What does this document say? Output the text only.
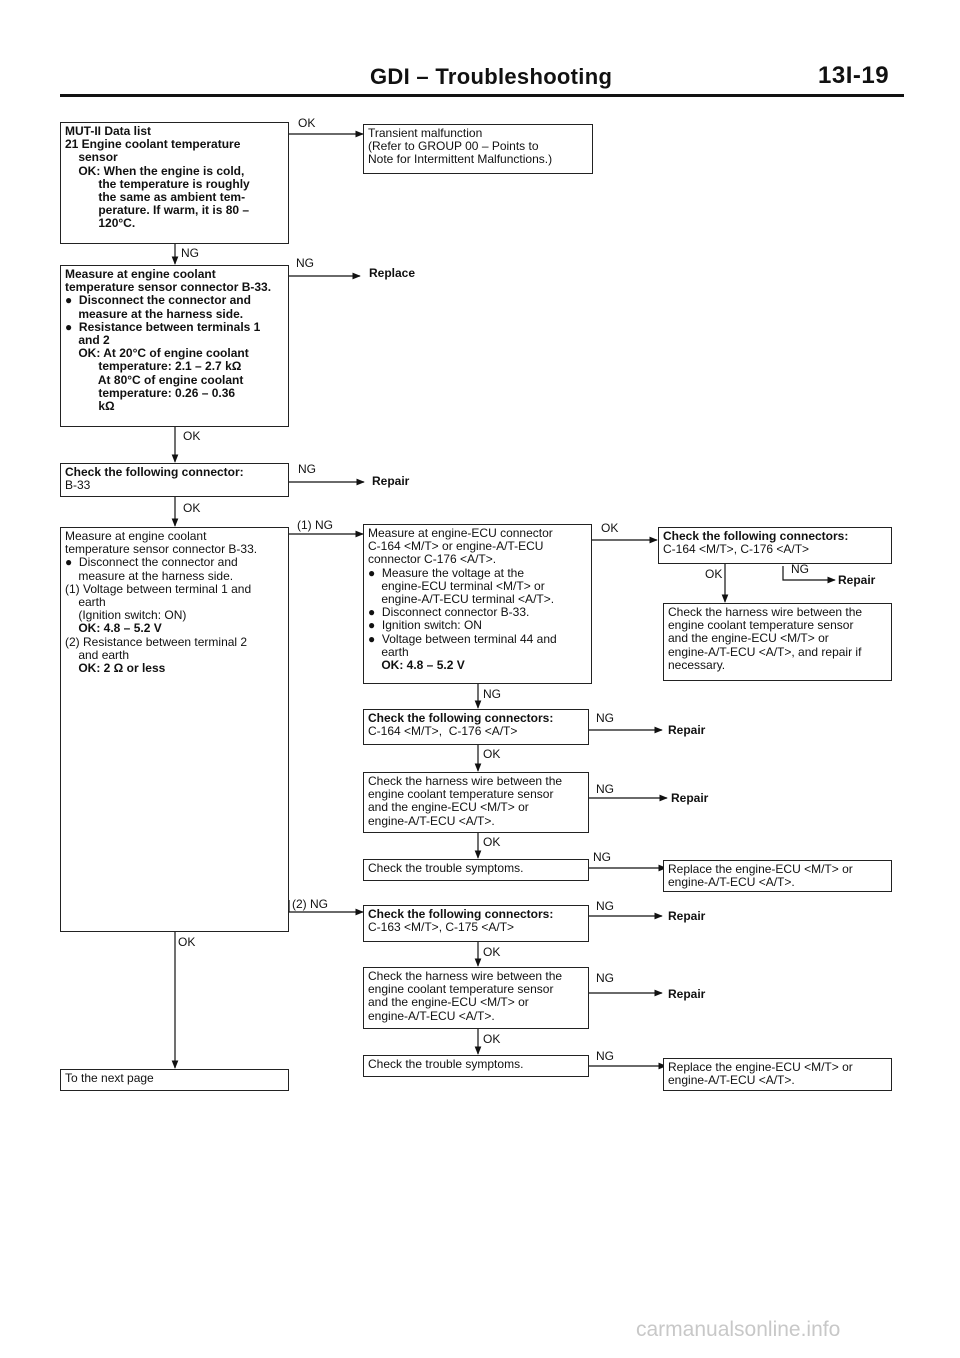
GDI – Troubleshooting	13I-19
MUT-II Data list
21 Engine coolant temperature
sensor
OK: When the engine is cold,
the temperature is roughly
the same as ambient tem-
perature. If warm, it is 80 –
120°C.
Transient malfunction
(Refer to GROUP 00 – Points to
Note for Intermittent Malfunctions.)
Measure at engine coolant
temperature sensor connector B-33.
●  Disconnect the connector and
measure at the harness side.
●  Resistance between terminals 1
and 2
OK: At 20°C of engine coolant
temperature: 2.1 – 2.7 kΩ
At 80°C of engine coolant
temperature: 0.26 – 0.36
kΩ
Check the following connector:
B-33
Measure at engine coolant
temperature sensor connector B-33.
●  Disconnect the connector and
measure at the harness side.
(1) Voltage between terminal 1 and
earth
(Ignition switch: ON)
OK: 4.8 – 5.2 V
(2) Resistance between terminal 2
and earth
OK: 2 Ω or less
Measure at engine-ECU connector
C-164 <M/T> or engine-A/T-ECU
connector C-176 <A/T>.
●  Measure the voltage at the
engine-ECU terminal <M/T> or
engine-A/T-ECU terminal <A/T>.
●  Disconnect connector B-33.
●  Ignition switch: ON
●  Voltage between terminal 44 and
earth
OK: 4.8 – 5.2 V
Check the following connectors:
C-164 <M/T>, C-176 <A/T>
Check the harness wire between the
engine coolant temperature sensor
and the engine-ECU <M/T> or
engine-A/T-ECU <A/T>, and repair if
necessary.
Check the following connectors:
C-164 <M/T>,  C-176 <A/T>
Check the harness wire between the
engine coolant temperature sensor
and the engine-ECU <M/T> or
engine-A/T-ECU <A/T>.
Check the trouble symptoms.	Replace the engine-ECU <M/T> or
engine-A/T-ECU <A/T>.
Check the following connectors:
C-163 <M/T>, C-175 <A/T>
Check the harness wire between the
engine coolant temperature sensor
and the engine-ECU <M/T> or
engine-A/T-ECU <A/T>.
Check the trouble symptoms.	Replace the engine-ECU <M/T> or
engine-A/T-ECU <A/T>.
To the next page
OK
NG
NG
OK
NG
OK
(1) NG	OK
OK	NG
NG
NG
OK
NG
OK
NG
(2) NG	NG
OK
OK
NG
OK
NG
Replace
Repair
Repair
Repair
Repair
Repair
Repair
carmanualsonline.info
